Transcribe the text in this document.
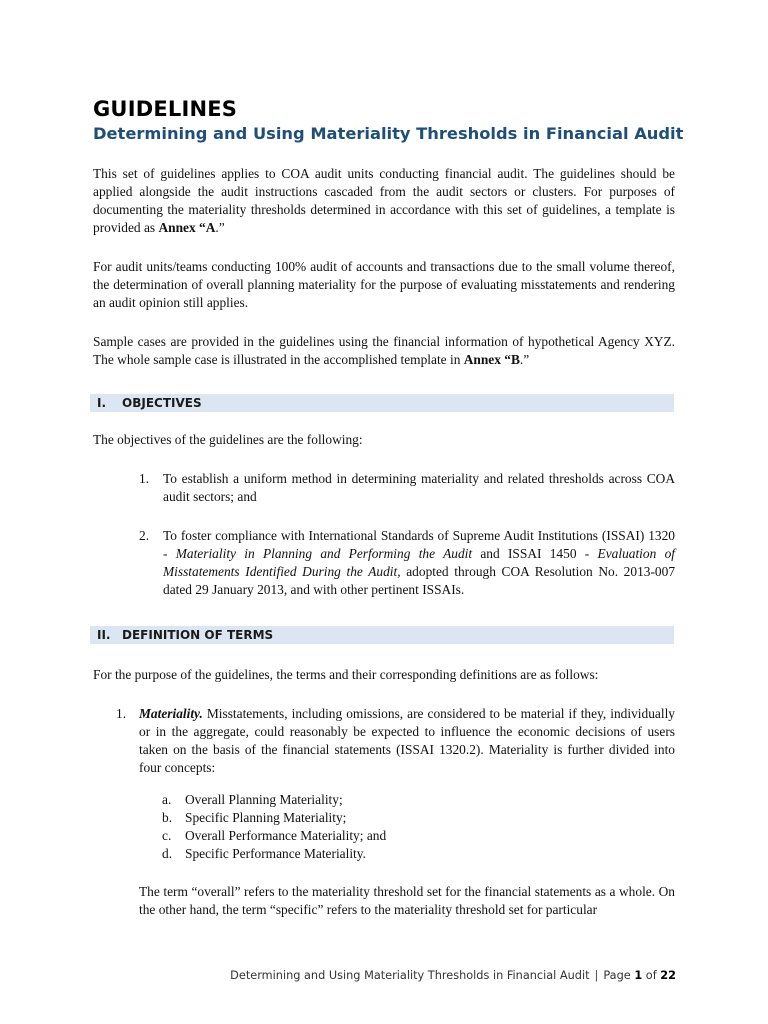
GUIDELINES
Determining and Using Materiality Thresholds in Financial Audit

This set of guidelines applies to COA audit units conducting financial audit. The guidelines should be applied alongside the audit instructions cascaded from the audit sectors or clusters. For purposes of documenting the materiality thresholds determined in accordance with this set of guidelines, a template is provided as Annex “A.”

For audit units/teams conducting 100% audit of accounts and transactions due to the small volume thereof, the determination of overall planning materiality for the purpose of evaluating misstatements and rendering an audit opinion still applies.

Sample cases are provided in the guidelines using the financial information of hypothetical Agency XYZ. The whole sample case is illustrated in the accomplished template in Annex “B.”

I. OBJECTIVES

The objectives of the guidelines are the following:

1. To establish a uniform method in determining materiality and related thresholds across COA audit sectors; and
2. To foster compliance with International Standards of Supreme Audit Institutions (ISSAI) 1320 - Materiality in Planning and Performing the Audit and ISSAI 1450 - Evaluation of Misstatements Identified During the Audit, adopted through COA Resolution No. 2013-007 dated 29 January 2013, and with other pertinent ISSAIs.
II. DEFINITION OF TERMS

For the purpose of the guidelines, the terms and their corresponding definitions are as follows:

1. Materiality. Misstatements, including omissions, are considered to be material if they, individually or in the aggregate, could reasonably be expected to influence the economic decisions of users taken on the basis of the financial statements (ISSAI 1320.2). Materiality is further divided into four concepts:
a. Overall Planning Materiality;
b. Specific Planning Materiality;
c. Overall Performance Materiality; and
d. Specific Performance Materiality.

The term “overall” refers to the materiality threshold set for the financial statements as a whole. On the other hand, the term “specific” refers to the materiality threshold set for particular

Determining and Using Materiality Thresholds in Financial Audit | Page 1 of 22
